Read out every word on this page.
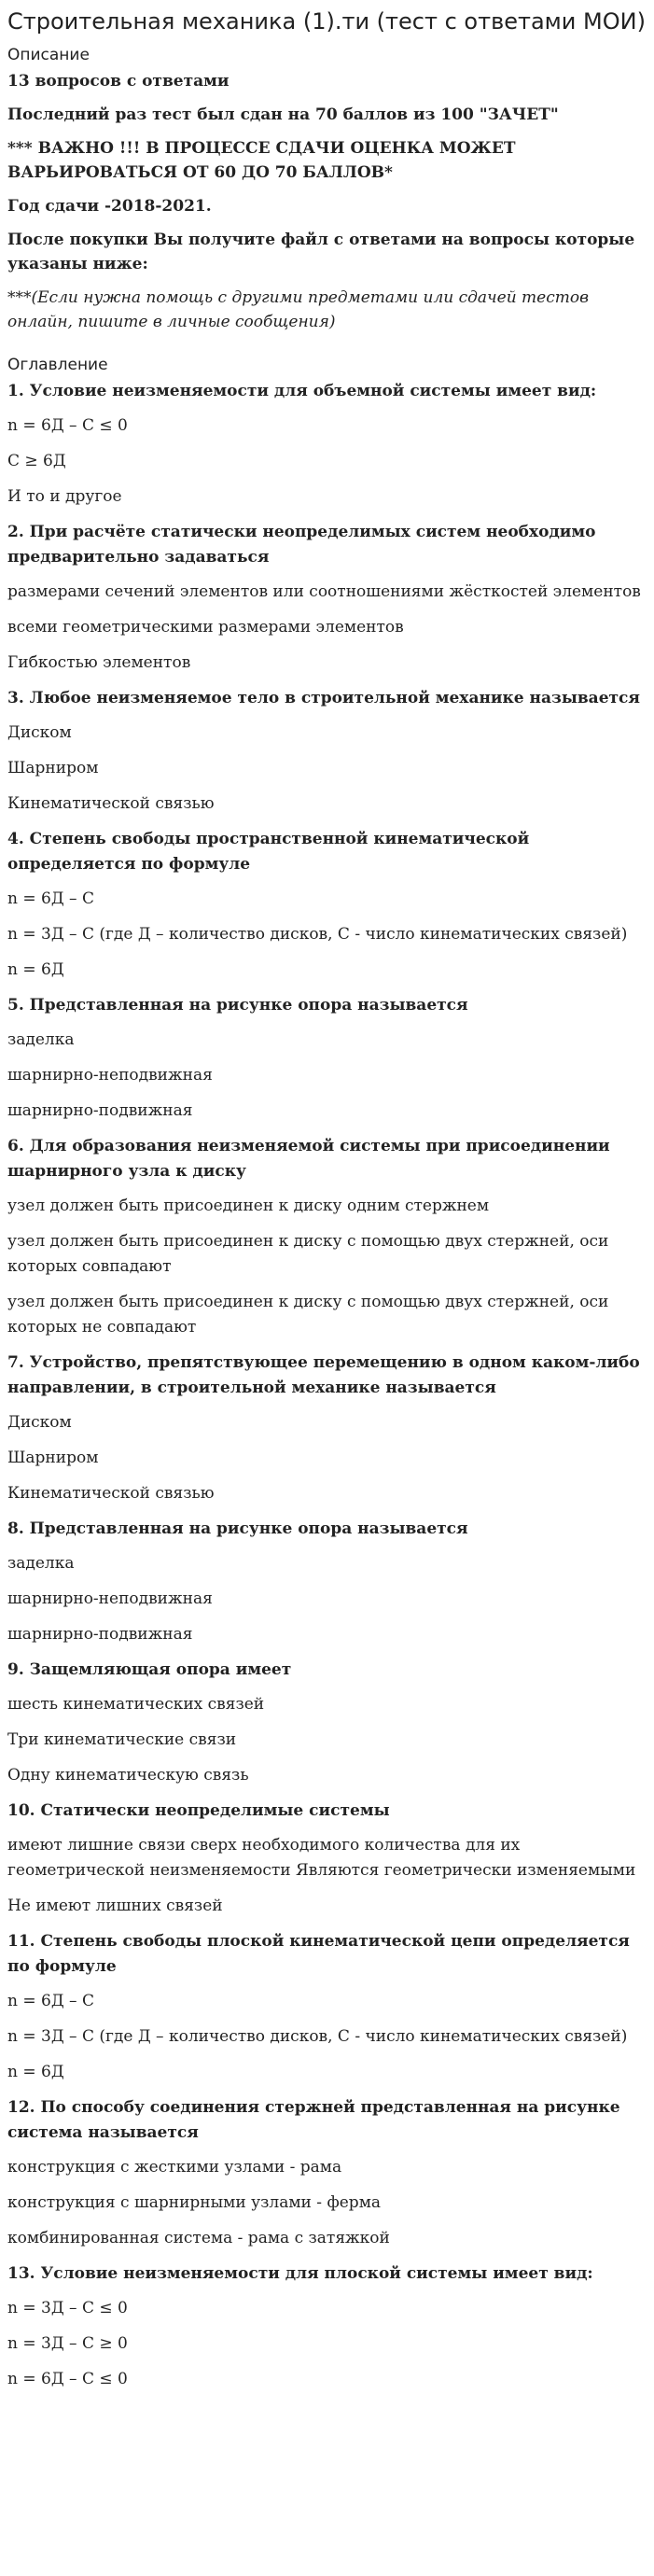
Строительная механика (1).ти (тест с ответами МОИ)
Описание

13 вопросов с ответами

Последний раз тест был сдан на 70 баллов из 100 "ЗАЧЕТ"

*** ВАЖНО !!! В ПРОЦЕССЕ СДАЧИ ОЦЕНКА МОЖЕТ ВАРЬИРОВАТЬСЯ ОТ 60 ДО 70 БАЛЛОВ*

Год сдачи -2018-2021.

После покупки Вы получите файл с ответами на вопросы которые указаны ниже:

***(Если нужна помощь с другими предметами или сдачей тестов онлайн, пишите в личные сообщения)

Оглавление
1. Условие неизменяемости для объемной системы имеет вид:
n = 6Д – С ≤ 0
С ≥ 6Д
И то и другое
2. При расчёте статически неопределимых систем необходимо предварительно задаваться
размерами сечений элементов или соотношениями жёсткостей элементов
всеми геометрическими размерами элементов
Гибкостью элементов
3. Любое неизменяемое тело в строительной механике называется
Диском
Шарниром
Кинематической связью
4. Степень свободы пространственной кинематической определяется по формуле
n = 6Д – С
n = 3Д – С (где Д – количество дисков, С - число кинематических связей)
n = 6Д
5. Представленная на рисунке опора называется
заделка
шарнирно-неподвижная
шарнирно-подвижная
6. Для образования неизменяемой системы при присоединении шарнирного узла к диску
узел должен быть присоединен к диску одним стержнем
узел должен быть присоединен к диску с помощью двух стержней, оси которых совпадают
узел должен быть присоединен к диску с помощью двух стержней, оси которых не совпадают
7. Устройство, препятствующее перемещению в одном каком-либо направлении, в строительной механике называется
Диском
Шарниром
Кинематической связью
8. Представленная на рисунке опора называется
заделка
шарнирно-неподвижная
шарнирно-подвижная
9. Защемляющая опора имеет
шесть кинематических связей
Три кинематические связи
Одну кинематическую связь
10. Статически неопределимые системы
имеют лишние связи сверх необходимого количества для их геометрической неизменяемости Являются геометрически изменяемыми
Не имеют лишних связей
11. Степень свободы плоской кинематической цепи определяется по формуле
n = 6Д – С
n = 3Д – С (где Д – количество дисков, С - число кинематических связей)
n = 6Д
12. По способу соединения стержней представленная на рисунке система называется
конструкция с жесткими узлами - рама
конструкция с шарнирными узлами - ферма
комбинированная система - рама с затяжкой
13. Условие неизменяемости для плоской системы имеет вид:
n = 3Д – С ≤ 0
n = 3Д – С ≥ 0
n = 6Д – С ≤ 0
